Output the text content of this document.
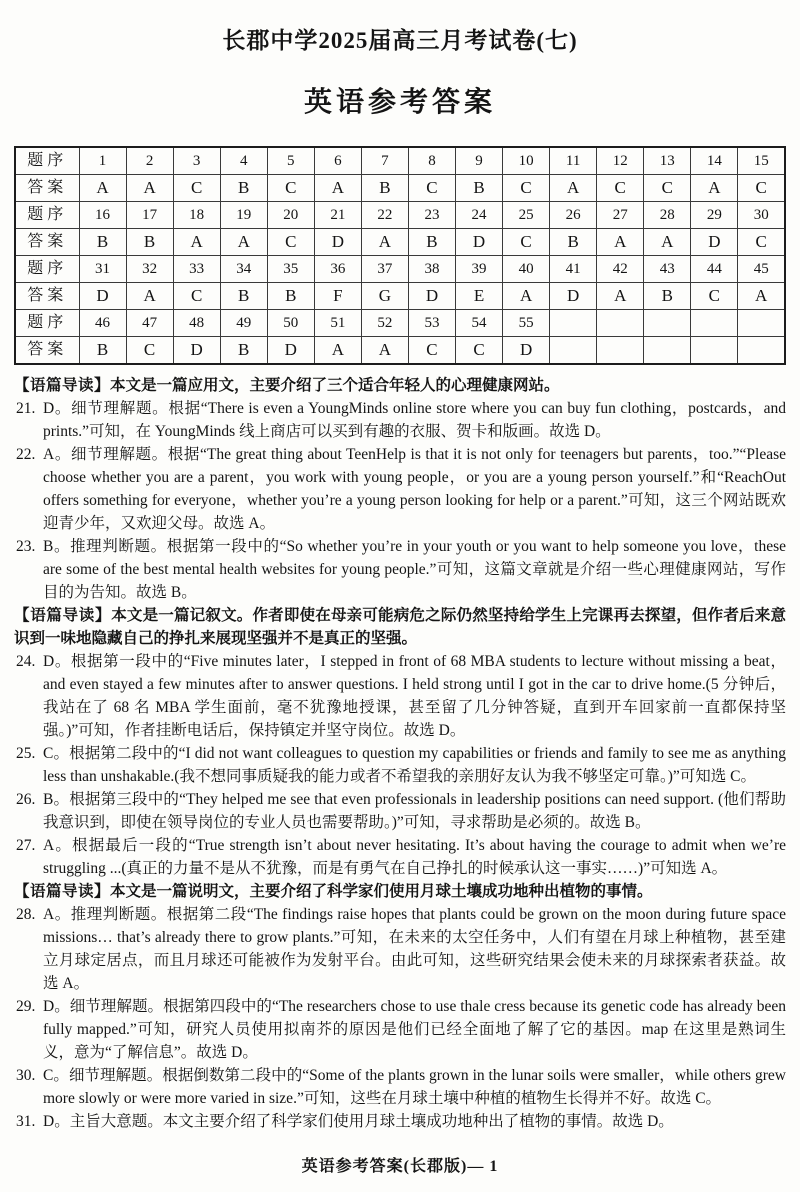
长郡中学2025届高三月考试卷(七)
英语参考答案
题序	1	2	3	4	5	6	7	8	9	10	11	12	13	14	15
答案	A	A	C	B	C	A	B	C	B	C	A	C	C	A	C
题序	16	17	18	19	20	21	22	23	24	25	26	27	28	29	30
答案	B	B	A	A	C	D	A	B	D	C	B	A	A	D	C
题序	31	32	33	34	35	36	37	38	39	40	41	42	43	44	45
答案	D	A	C	B	B	F	G	D	E	A	D	A	B	C	A
题序	46	47	48	49	50	51	52	53	54	55					
答案	B	C	D	B	D	A	A	C	C	D					

【语篇导读】本文是一篇应用文，主要介绍了三个适合年轻人的心理健康网站。

21. D。细节理解题。根据“There is even a YoungMinds online store where you can buy fun clothing，postcards，and prints.”可知，在 YoungMinds 线上商店可以买到有趣的衣服、贺卡和版画。故选 D。

22. A。细节理解题。根据“The great thing about TeenHelp is that it is not only for teenagers but parents，too.”“Please choose whether you are a parent，you work with young people，or you are a young person yourself.”和“ReachOut offers something for everyone，whether you’re a young person looking for help or a parent.”可知，这三个网站既欢迎青少年，又欢迎父母。故选 A。

23. B。推理判断题。根据第一段中的“So whether you’re in your youth or you want to help someone you love，these are some of the best mental health websites for young people.”可知，这篇文章就是介绍一些心理健康网站，写作目的为告知。故选 B。

【语篇导读】本文是一篇记叙文。作者即使在母亲可能病危之际仍然坚持给学生上完课再去探望，但作者后来意识到一味地隐藏自己的挣扎来展现坚强并不是真正的坚强。

24. D。根据第一段中的“Five minutes later，I stepped in front of 68 MBA students to lecture without missing a beat，and even stayed a few minutes after to answer questions. I held strong until I got in the car to drive home.(5 分钟后，我站在了 68 名 MBA 学生面前，毫不犹豫地授课，甚至留了几分钟答疑，直到开车回家前一直都保持坚强。)”可知，作者挂断电话后，保持镇定并坚守岗位。故选 D。

25. C。根据第二段中的“I did not want colleagues to question my capabilities or friends and family to see me as anything less than unshakable.(我不想同事质疑我的能力或者不希望我的亲朋好友认为我不够坚定可靠。)”可知选 C。

26. B。根据第三段中的“They helped me see that even professionals in leadership positions can need support. (他们帮助我意识到，即使在领导岗位的专业人员也需要帮助。)”可知，寻求帮助是必须的。故选 B。

27. A。根据最后一段的“True strength isn’t about never hesitating. It’s about having the courage to admit when we’re struggling ...(真正的力量不是从不犹豫，而是有勇气在自己挣扎的时候承认这一事实……)”可知选 A。

【语篇导读】本文是一篇说明文，主要介绍了科学家们使用月球土壤成功地种出植物的事情。

28. A。推理判断题。根据第二段“The findings raise hopes that plants could be grown on the moon during future space missions… that’s already there to grow plants.”可知，在未来的太空任务中，人们有望在月球上种植物，甚至建立月球定居点，而且月球还可能被作为发射平台。由此可知，这些研究结果会使未来的月球探索者获益。故选 A。

29. D。细节理解题。根据第四段中的“The researchers chose to use thale cress because its genetic code has already been fully mapped.”可知，研究人员使用拟南芥的原因是他们已经全面地了解了它的基因。map 在这里是熟词生义，意为“了解信息”。故选 D。

30. C。细节理解题。根据倒数第二段中的“Some of the plants grown in the lunar soils were smaller，while others grew more slowly or were more varied in size.”可知，这些在月球土壤中种植的植物生长得并不好。故选 C。

31. D。主旨大意题。本文主要介绍了科学家们使用月球土壤成功地种出了植物的事情。故选 D。

英语参考答案(长郡版)— 1
